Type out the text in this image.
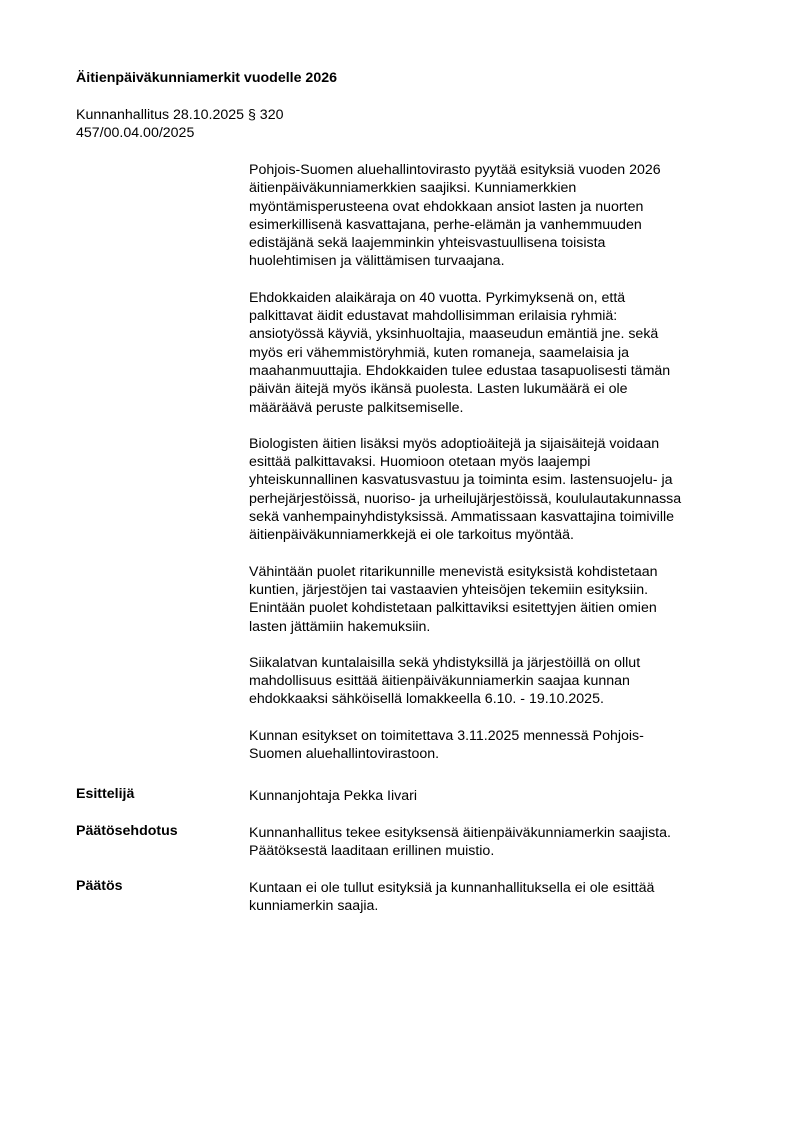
Äitienpäiväkunniamerkit vuodelle 2026
Kunnanhallitus 28.10.2025 § 320
457/00.04.00/2025

Pohjois-Suomen aluehallintovirasto pyytää esityksiä vuoden 2026
äitienpäiväkunniamerkkien saajiksi. Kunniamerkkien
myöntämisperusteena ovat ehdokkaan ansiot lasten ja nuorten
esimerkillisenä kasvattajana, perhe-elämän ja vanhemmuuden
edistäjänä sekä laajemminkin yhteisvastuullisena toisista
huolehtimisen ja välittämisen turvaajana.

Ehdokkaiden alaikäraja on 40 vuotta. Pyrkimyksenä on, että
palkittavat äidit edustavat mahdollisimman erilaisia ryhmiä:
ansiotyössä käyviä, yksinhuoltajia, maaseudun emäntiä jne. sekä
myös eri vähemmistöryhmiä, kuten romaneja, saamelaisia ja
maahanmuuttajia. Ehdokkaiden tulee edustaa tasapuolisesti tämän
päivän äitejä myös ikänsä puolesta. Lasten lukumäärä ei ole
määräävä peruste palkitsemiselle.

Biologisten äitien lisäksi myös adoptioäitejä ja sijaisäitejä voidaan
esittää palkittavaksi. Huomioon otetaan myös laajempi
yhteiskunnallinen kasvatusvastuu ja toiminta esim. lastensuojelu- ja
perhejärjestöissä, nuoriso- ja urheilujärjestöissä, koululautakunnassa
sekä vanhempainyhdistyksissä. Ammatissaan kasvattajina toimiville
äitienpäiväkunniamerkkejä ei ole tarkoitus myöntää.

Vähintään puolet ritarikunnille menevistä esityksistä kohdistetaan
kuntien, järjestöjen tai vastaavien yhteisöjen tekemiin esityksiin.
Enintään puolet kohdistetaan palkittaviksi esitettyjen äitien omien
lasten jättämiin hakemuksiin.

Siikalatvan kuntalaisilla sekä yhdistyksillä ja järjestöillä on ollut
mahdollisuus esittää äitienpäiväkunniamerkin saajaa kunnan
ehdokkaaksi sähköisellä lomakkeella 6.10. - 19.10.2025.

Kunnan esitykset on toimitettava 3.11.2025 mennessä Pohjois-
Suomen aluehallintovirastoon.

Esittelijä	Kunnanjohtaja Pekka Iivari
Päätösehdotus	Kunnanhallitus tekee esityksensä äitienpäiväkunniamerkin saajista.
Päätöksestä laaditaan erillinen muistio.
Päätös	Kuntaan ei ole tullut esityksiä ja kunnanhallituksella ei ole esittää
kunniamerkin saajia.
